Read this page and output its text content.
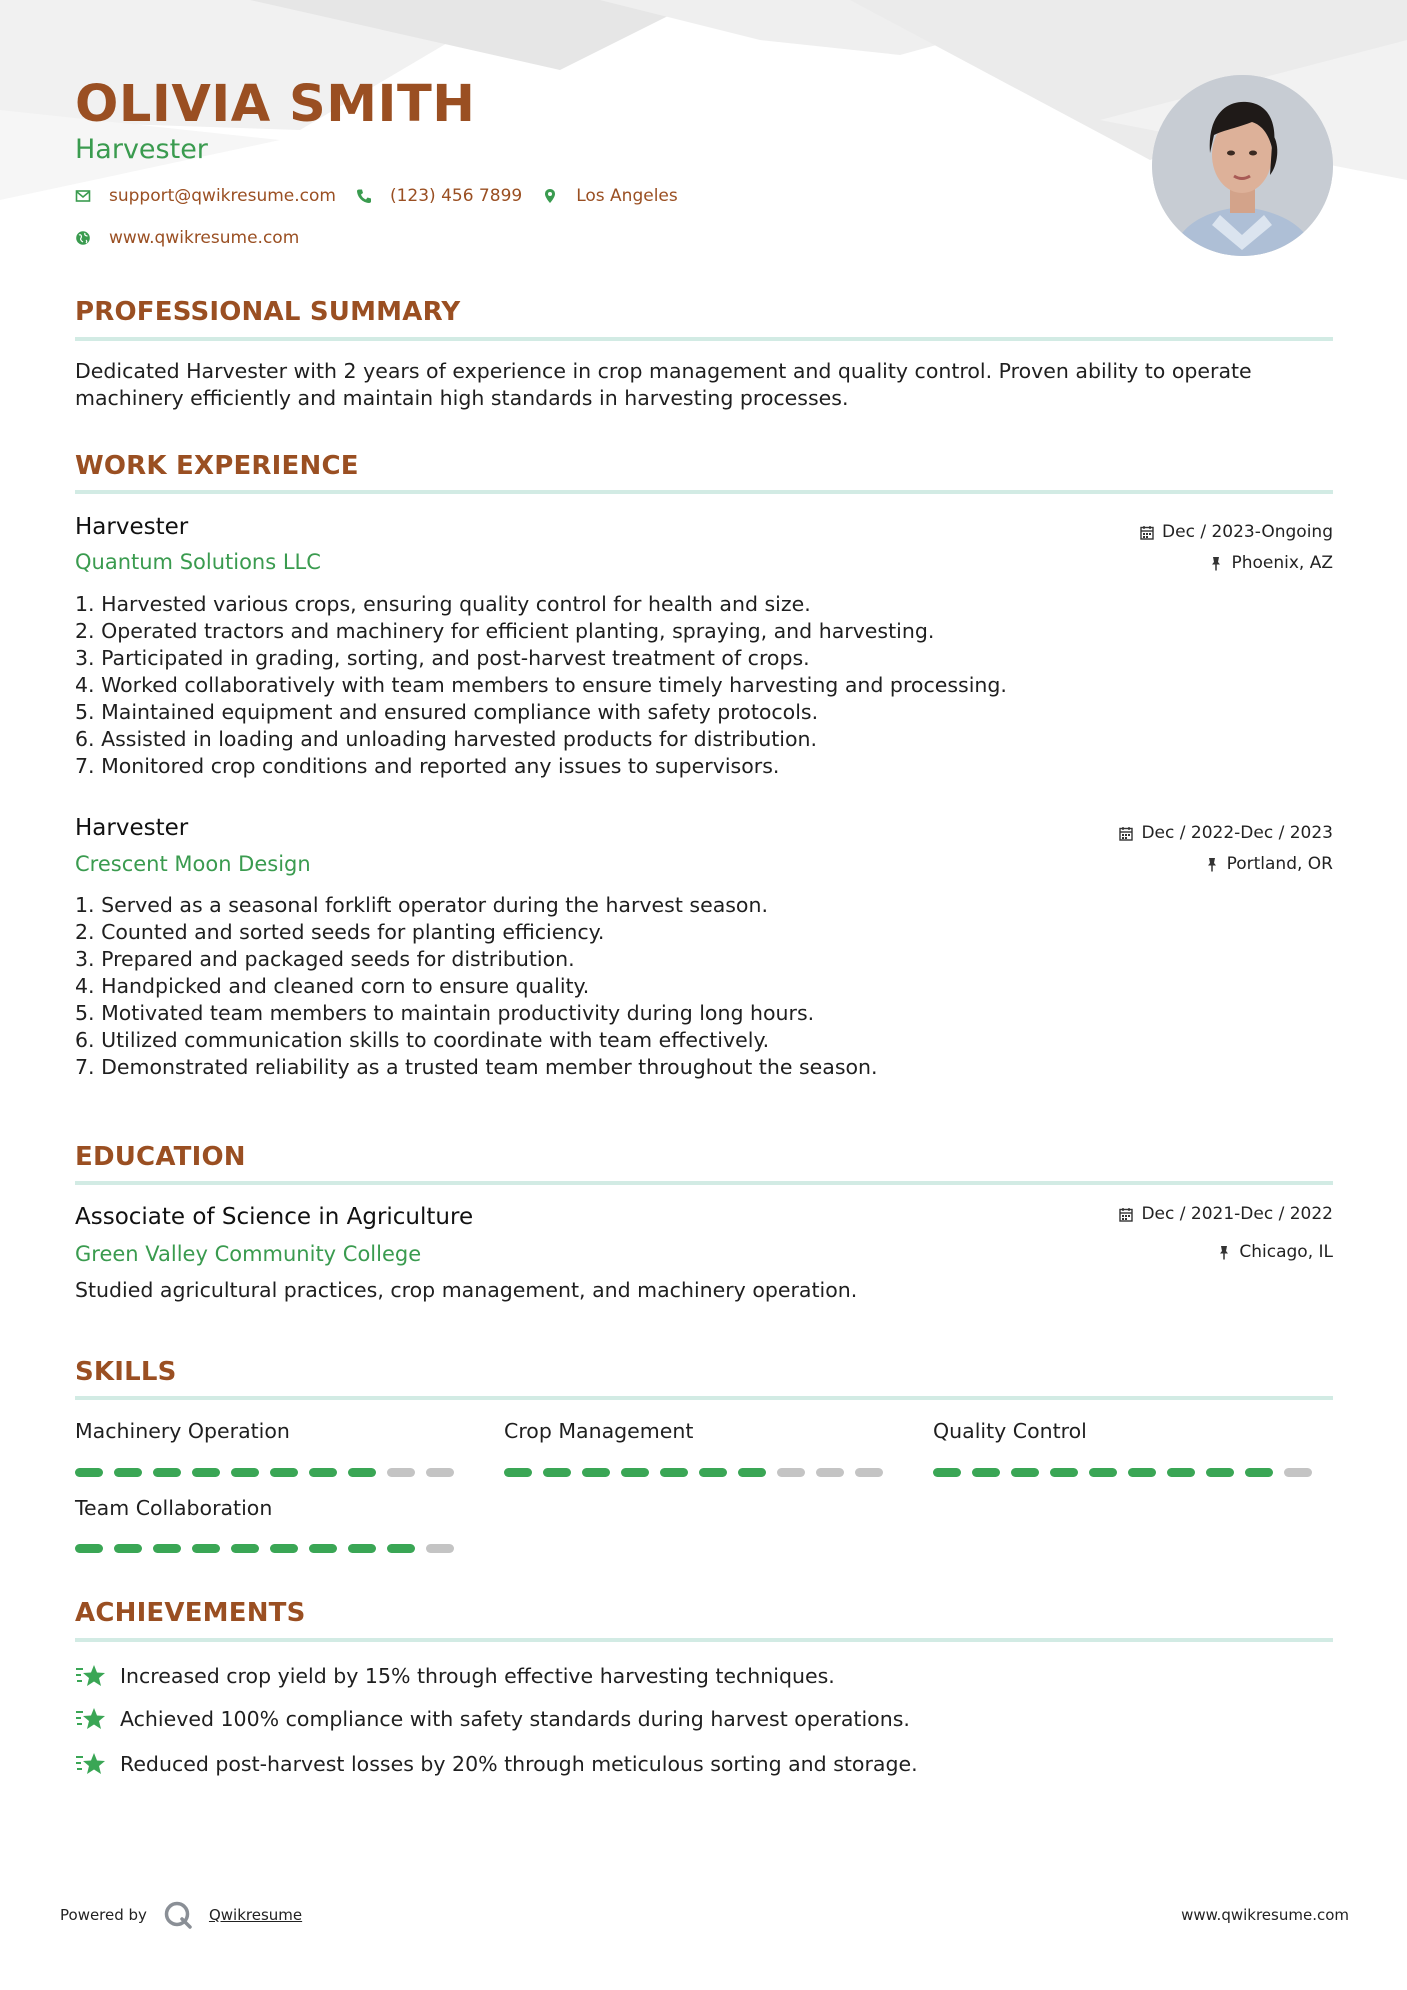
OLIVIA SMITH
Harvester
support@qwikresume.com	(123) 456 7899	Los Angeles
www.qwikresume.com
PROFESSIONAL SUMMARY
Dedicated Harvester with 2 years of experience in crop management and quality control. Proven ability to operate machinery efficiently and maintain high standards in harvesting processes.
WORK EXPERIENCE
Harvester
Quantum Solutions LLC
Dec / 2023-Ongoing
Phoenix, AZ
1. Harvested various crops, ensuring quality control for health and size.
2. Operated tractors and machinery for efficient planting, spraying, and harvesting.
3. Participated in grading, sorting, and post-harvest treatment of crops.
4. Worked collaboratively with team members to ensure timely harvesting and processing.
5. Maintained equipment and ensured compliance with safety protocols.
6. Assisted in loading and unloading harvested products for distribution.
7. Monitored crop conditions and reported any issues to supervisors.
Harvester
Crescent Moon Design
Dec / 2022-Dec / 2023
Portland, OR
1. Served as a seasonal forklift operator during the harvest season.
2. Counted and sorted seeds for planting efficiency.
3. Prepared and packaged seeds for distribution.
4. Handpicked and cleaned corn to ensure quality.
5. Motivated team members to maintain productivity during long hours.
6. Utilized communication skills to coordinate with team effectively.
7. Demonstrated reliability as a trusted team member throughout the season.
EDUCATION
Associate of Science in Agriculture
Green Valley Community College
Dec / 2021-Dec / 2022
Chicago, IL
Studied agricultural practices, crop management, and machinery operation.
SKILLS
Machinery Operation	Crop Management	Quality Control
Team Collaboration
ACHIEVEMENTS
Increased crop yield by 15% through effective harvesting techniques.
Achieved 100% compliance with safety standards during harvest operations.
Reduced post-harvest losses by 20% through meticulous sorting and storage.
Powered by	Qwikresume	www.qwikresume.com
